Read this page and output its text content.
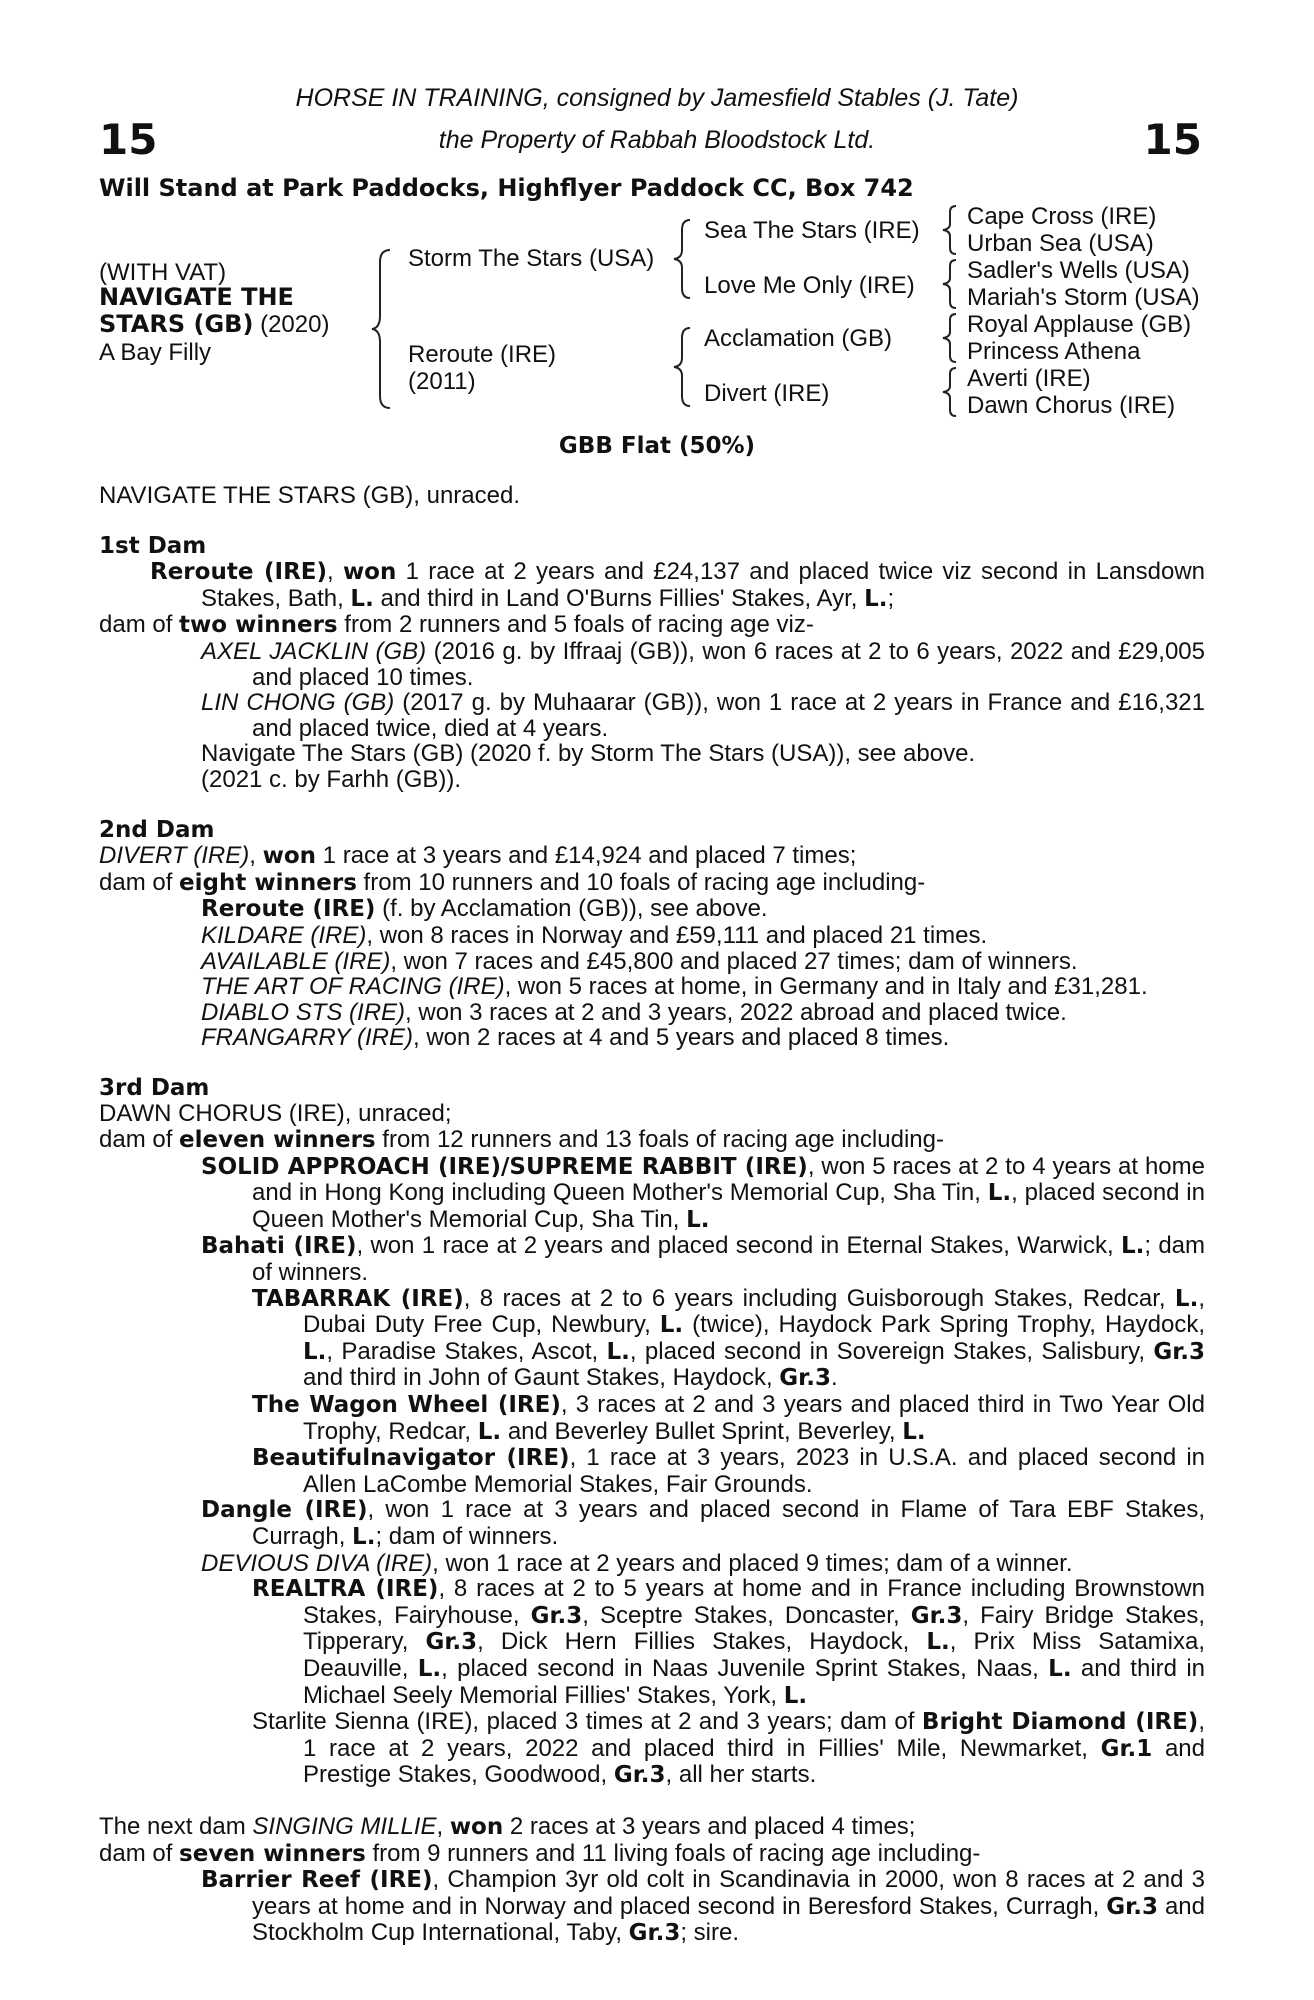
15	15
HORSE IN TRAINING, consigned by Jamesfield Stables (J. Tate)
the Property of Rabbah Bloodstock Ltd.
Will Stand at Park Paddocks, Highflyer Paddock CC, Box 742
(WITH VAT)
NAVIGATE THE
STARS (GB) (2020)
A Bay Filly
Storm The Stars (USA)
Reroute (IRE)
(2011)
Sea The Stars (IRE)
Love Me Only (IRE)
Acclamation (GB)
Divert (IRE)
Cape Cross (IRE)
Urban Sea (USA)
Sadler's Wells (USA)
Mariah's Storm (USA)
Royal Applause (GB)
Princess Athena
Averti (IRE)
Dawn Chorus (IRE)
GBB Flat (50%)

NAVIGATE THE STARS (GB), unraced.

1st Dam

Reroute (IRE), won 1 race at 2 years and £24,137 and placed twice viz second in Lansdown Stakes, Bath, L. and third in Land O'Burns Fillies' Stakes, Ayr, L.;

dam of two winners from 2 runners and 5 foals of racing age viz-

AXEL JACKLIN (GB) (2016 g. by Iffraaj (GB)), won 6 races at 2 to 6 years, 2022 and £29,005 and placed 10 times.

LIN CHONG (GB) (2017 g. by Muhaarar (GB)), won 1 race at 2 years in France and £16,321 and placed twice, died at 4 years.

Navigate The Stars (GB) (2020 f. by Storm The Stars (USA)), see above.

(2021 c. by Farhh (GB)).

2nd Dam

DIVERT (IRE), won 1 race at 3 years and £14,924 and placed 7 times;

dam of eight winners from 10 runners and 10 foals of racing age including-

Reroute (IRE) (f. by Acclamation (GB)), see above.

KILDARE (IRE), won 8 races in Norway and £59,111 and placed 21 times.

AVAILABLE (IRE), won 7 races and £45,800 and placed 27 times; dam of winners.

THE ART OF RACING (IRE), won 5 races at home, in Germany and in Italy and £31,281.

DIABLO STS (IRE), won 3 races at 2 and 3 years, 2022 abroad and placed twice.

FRANGARRY (IRE), won 2 races at 4 and 5 years and placed 8 times.

3rd Dam

DAWN CHORUS (IRE), unraced;

dam of eleven winners from 12 runners and 13 foals of racing age including-

SOLID APPROACH (IRE)/SUPREME RABBIT (IRE), won 5 races at 2 to 4 years at home and in Hong Kong including Queen Mother's Memorial Cup, Sha Tin, L., placed second in Queen Mother's Memorial Cup, Sha Tin, L.

Bahati (IRE), won 1 race at 2 years and placed second in Eternal Stakes, Warwick, L.; dam of winners.

TABARRAK (IRE), 8 races at 2 to 6 years including Guisborough Stakes, Redcar, L., Dubai Duty Free Cup, Newbury, L. (twice), Haydock Park Spring Trophy, Haydock, L., Paradise Stakes, Ascot, L., placed second in Sovereign Stakes, Salisbury, Gr.3 and third in John of Gaunt Stakes, Haydock, Gr.3.

The Wagon Wheel (IRE), 3 races at 2 and 3 years and placed third in Two Year Old Trophy, Redcar, L. and Beverley Bullet Sprint, Beverley, L.

Beautifulnavigator (IRE), 1 race at 3 years, 2023 in U.S.A. and placed second in Allen LaCombe Memorial Stakes, Fair Grounds.

Dangle (IRE), won 1 race at 3 years and placed second in Flame of Tara EBF Stakes, Curragh, L.; dam of winners.

DEVIOUS DIVA (IRE), won 1 race at 2 years and placed 9 times; dam of a winner.

REALTRA (IRE), 8 races at 2 to 5 years at home and in France including Brownstown Stakes, Fairyhouse, Gr.3, Sceptre Stakes, Doncaster, Gr.3, Fairy Bridge Stakes, Tipperary, Gr.3, Dick Hern Fillies Stakes, Haydock, L., Prix Miss Satamixa, Deauville, L., placed second in Naas Juvenile Sprint Stakes, Naas, L. and third in Michael Seely Memorial Fillies' Stakes, York, L.

Starlite Sienna (IRE), placed 3 times at 2 and 3 years; dam of Bright Diamond (IRE), 1 race at 2 years, 2022 and placed third in Fillies' Mile, Newmarket, Gr.1 and Prestige Stakes, Goodwood, Gr.3, all her starts.

The next dam SINGING MILLIE, won 2 races at 3 years and placed 4 times;

dam of seven winners from 9 runners and 11 living foals of racing age including-

Barrier Reef (IRE), Champion 3yr old colt in Scandinavia in 2000, won 8 races at 2 and 3 years at home and in Norway and placed second in Beresford Stakes, Curragh, Gr.3 and Stockholm Cup International, Taby, Gr.3; sire.
